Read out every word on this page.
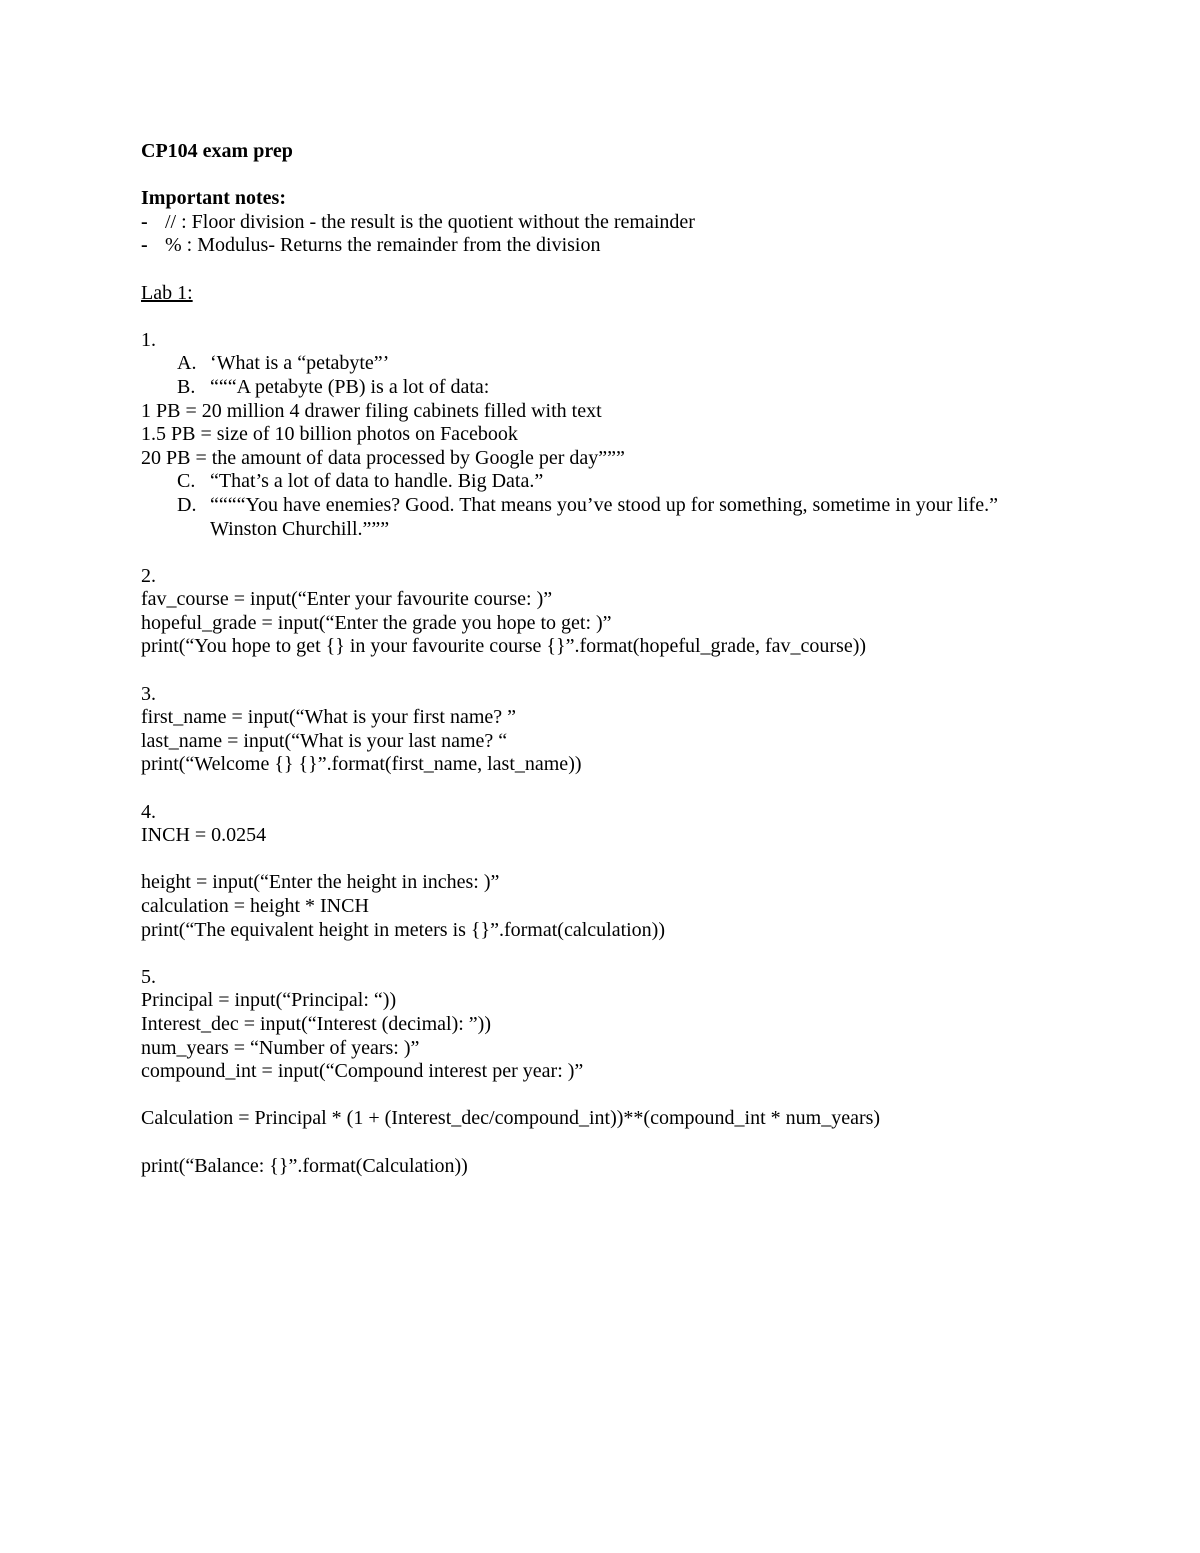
CP104 exam prep
Important notes:
- // : Floor division - the result is the quotient without the remainder
- % : Modulus- Returns the remainder from the division
Lab 1:
1.
A. ‘What is a “petabyte”’
B. “““A petabyte (PB) is a lot of data:
1 PB = 20 million 4 drawer filing cabinets filled with text
1.5 PB = size of 10 billion photos on Facebook
20 PB = the amount of data processed by Google per day”””
C. “That’s a lot of data to handle. Big Data.”
D. ““““You have enemies? Good. That means you’ve stood up for something, sometime in your life.” Winston Churchill.”””
2.
fav_course = input(“Enter your favourite course: )”
hopeful_grade = input(“Enter the grade you hope to get: )”
print(“You hope to get {} in your favourite course {}”.format(hopeful_grade, fav_course))
3.
first_name = input(“What is your first name? ”
last_name = input(“What is your last name? “
print(“Welcome {} {}”.format(first_name, last_name))
4.
INCH = 0.0254
height = input(“Enter the height in inches: )”
calculation = height * INCH
print(“The equivalent height in meters is {}”.format(calculation))
5.
Principal = input(“Principal: “))
Interest_dec = input(“Interest (decimal): ”))
num_years = “Number of years: )”
compound_int = input(“Compound interest per year: )”
Calculation = Principal * (1 + (Interest_dec/compound_int))**(compound_int * num_years)
print(“Balance: {}”.format(Calculation))
